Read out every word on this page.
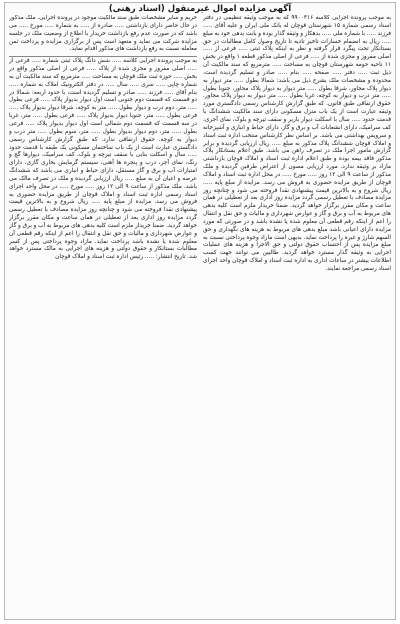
آگهی مزایده اموال غیرمنقول (اسناد رهنی)

به موجب پرونده اجرایی کلاسه ۹۹۰۰۳۱۶ که به موجب وثیقه تنظیمی در دفتر اسناد رسمی شماره ۱۵ شهرستان قوچان له بانک ملی ایران و علیه آقای ..... فرزند ..... با شماره ملی ..... بدهکار و وثیقه گذار بوده و بابت بدهی خود به مبلغ ..... ریال به انضمام خسارات تاخیر تادیه تا تاریخ وصول کامل مطالبات در حق بستانکار تحت پیگرد قرار گرفته و نظر به اینکه پلاک ثبتی ..... فرعی از ..... اصلی مفروز و مجزی شده از ..... فرعی از اصلی مذکور قطعه ۱ واقع در بخش ۱۱ ناحیه حومه شهرستان قوچان به مساحت ..... مترمربع که سند مالکیت آن ذیل ثبت ..... دفتر ..... صفحه ..... بنام ..... صادر و تسلیم گردیده است، محدوده و مشخصات ملک بشرح ذیل می باشد: شمالا بطول ..... متر دیوار به دیوار پلاک مجاور، شرقا بطول ..... متر دیوار به دیوار پلاک مجاور، جنوبا بطول ..... متر درب و دیوار به کوچه، غربا بطول ..... متر دیوار به دیوار پلاک مجاور. حقوق ارتفاقی طبق قانون. که طبق گزارش کارشناس رسمی دادگستری مورد وثیقه عبارت است از یک باب منزل مسکونی دارای سند مالکیت ششدانگ با قدمت حدود ..... سال با اسکلت دیوار باربر و سقف تیرچه و بلوک، نمای آجری، کف سرامیک، دارای انشعابات آب و برق و گاز، دارای حیاط و انباری و آشپزخانه و سرویس بهداشتی می باشد. بر اساس نظر کارشناس منتخب اداره ثبت اسناد و املاک قوچان ششدانگ پلاک مذکور به مبلغ ..... ریال ارزیابی گردیده و برابر گزارش مامور اجرا ملک در تصرف راهن می باشد. طبق اعلام بستانکار پلاک مذکور فاقد بیمه بوده و طبق اعلام اداره ثبت اسناد و املاک قوچان بازداشتی مازاد بر وثیقه ندارد. مورد ارزیابی مصون از اعتراض طرفین گردیده و ملک مذکور از ساعت ۹ الی ۱۲ روز ..... مورخ ..... در محل اداره ثبت اسناد و املاک قوچان از طریق مزایده حضوری به فروش می رسد. مزایده از مبلغ پایه ..... ریال شروع و به بالاترین قیمت پیشنهادی نقدا فروخته می شود و چنانچه روز مزایده مصادف با تعطیل رسمی گردد مزایده روز اداری بعد از تعطیلی در همان ساعت و مکان مقرر برگزار خواهد گردید. ضمنا خریدار ملزم است کلیه بدهی های مربوط به آب و برق و گاز و عوارض شهرداری و مالیات و حق نقل و انتقال را اعم از اینکه رقم قطعی آن معلوم شده یا نشده باشد و در صورتی که مورد مزایده دارای اعیانی باشد مبلغ بدهی های مربوط به هزینه های نگهداری و حق السهم شارژ و غیره را پرداخت نماید. بدیهی است مازاد وجوه پرداختی نسبت به مبلغ مزایده پس از احتساب حقوق دولتی و حق الاجرا و هزینه های عملیات اجرایی به وثیقه گذار مسترد خواهد گردید. طالبین می توانند جهت کسب اطلاعات بیشتر در ساعات اداری به اداره ثبت اسناد و املاک قوچان واحد اجرای اسناد رسمی مراجعه نمایند.

حریم و سایر مشخصات طبق سند مالکیت موجود در پرونده اجرایی. ملک مذکور در حال حاضر دارای بازداشتی ..... صادره از ..... به شماره ..... مورخ ..... می باشد که در صورت عدم رفع بازداشت خریدار با اطلاع از وضعیت ملک در جلسه مزایده شرکت می نماید و متعهد است پس از برگزاری مزایده و پرداخت ثمن معامله نسبت به رفع بازداشت های مذکور اقدام نماید.

به موجب پرونده اجرایی کلاسه ..... شش دانگ پلاک ثبتی شماره ..... فرعی از ..... اصلی مفروز و مجزی شده از پلاک ..... فرعی از اصلی مذکور واقع در بخش ..... حوزه ثبت ملک قوچان به مساحت ..... مترمربع که سند مالکیت آن به شماره چاپی ..... سری ..... سال ..... در دفتر الکترونیک املاک به شماره ..... بنام آقای ..... فرزند ..... صادر و تسلیم گردیده است، با حدود اربعه: شمالا در دو قسمت که قسمت دوم جنوبی است اول دیوار بدیوار پلاک ..... فرعی بطول ..... متر، دوم درب و دیوار بطول ..... متر به کوچه، شرقا دیوار بدیوار پلاک ..... فرعی بطول ..... متر، جنوبا دیوار بدیوار پلاک ..... فرعی بطول ..... متر، غربا در سه قسمت که قسمت دوم شمالی است اول دیوار بدیوار پلاک ..... فرعی بطول ..... متر، دوم دیوار بدیوار بطول ..... متر، سوم بطول ..... متر درب و دیوار به کوچه. حقوق ارتفاقی ندارد. که طبق گزارش کارشناس رسمی دادگستری عبارت است از یک باب ساختمان مسکونی یک طبقه با قدمت حدود ..... سال و اسکلت بنایی با سقف تیرچه و بلوک، کف سرامیک، دیوارها گچ و رنگ، نمای آجر، درب و پنجره ها آهنی، سیستم گرمایش بخاری گازی، دارای امتیازات آب و برق و گاز مستقل، دارای حیاط و انباری می باشد که ششدانگ عرصه و اعیان آن به مبلغ ..... ریال ارزیابی گردیده و ملک در تصرف مالک می باشد. ملک مذکور از ساعت ۹ الی ۱۲ روز ..... مورخ ..... در محل واحد اجرای اسناد رسمی اداره ثبت اسناد و املاک قوچان از طریق مزایده حضوری به فروش می رسد. مزایده از مبلغ پایه ..... ریال شروع و به بالاترین قیمت پیشنهادی نقدا فروخته می شود و چنانچه روز مزایده مصادف با تعطیل رسمی گردد مزایده روز اداری بعد از تعطیلی در همان ساعت و مکان مقرر برگزار خواهد گردید. ضمنا خریدار ملزم است کلیه بدهی های مربوط به آب و برق و گاز و عوارض شهرداری و مالیات و حق نقل و انتقال را اعم از اینکه رقم قطعی آن معلوم شده یا نشده باشد پرداخت نماید. مازاد وجوه پرداختی پس از کسر مطالبات بستانکار و حقوق دولتی و هزینه های اجرایی به مالک مسترد خواهد شد. تاریخ انتشار: ..... رئیس اداره ثبت اسناد و املاک قوچان
